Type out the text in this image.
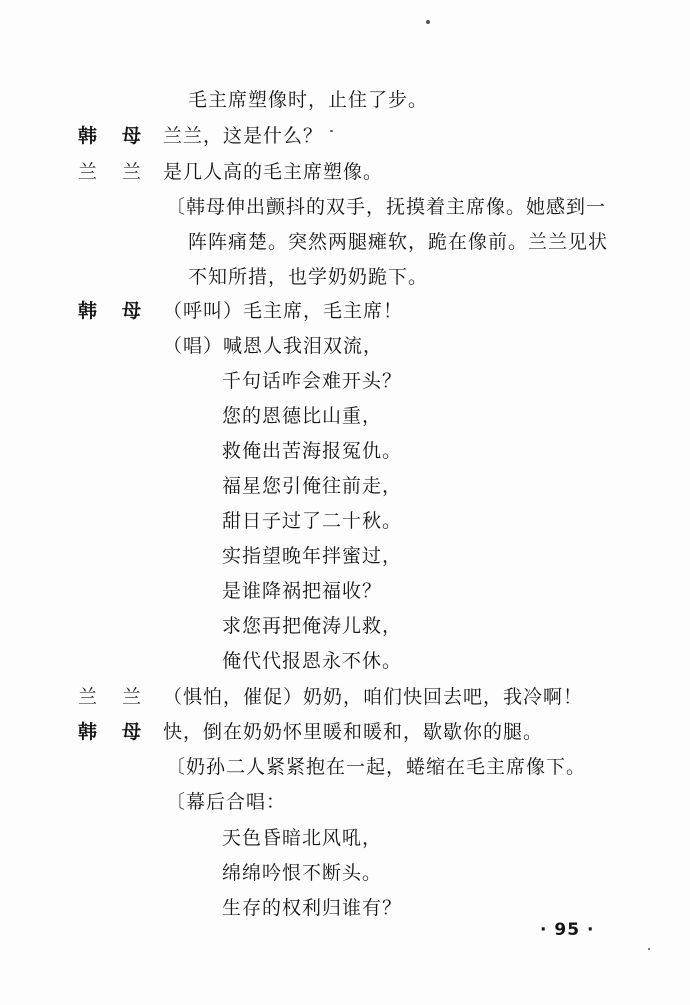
毛主席塑像时，止住了步。
韩 母 兰兰，这是什么？
兰 兰 是几人高的毛主席塑像。
〔韩母伸出颤抖的双手，抚摸着主席像。她感到一
阵阵痛楚。突然两腿瘫软，跪在像前。兰兰见状
不知所措，也学奶奶跪下。
韩 母 （呼叫）毛主席，毛主席！
（唱）喊恩人我泪双流，
千句话咋会难开头？
您的恩德比山重，
救俺出苦海报冤仇。
福星您引俺往前走，
甜日子过了二十秋。
实指望晚年拌蜜过，
是谁降祸把福收？
求您再把俺涛儿救，
俺代代报恩永不休。
兰 兰 （惧怕，催促）奶奶，咱们快回去吧，我冷啊！
韩 母 快，倒在奶奶怀里暖和暖和，歇歇你的腿。
〔奶孙二人紧紧抱在一起，蜷缩在毛主席像下。
〔幕后合唱：
天色昏暗北风吼，
绵绵吟恨不断头。
生存的权利归谁有？
· 95 ·
